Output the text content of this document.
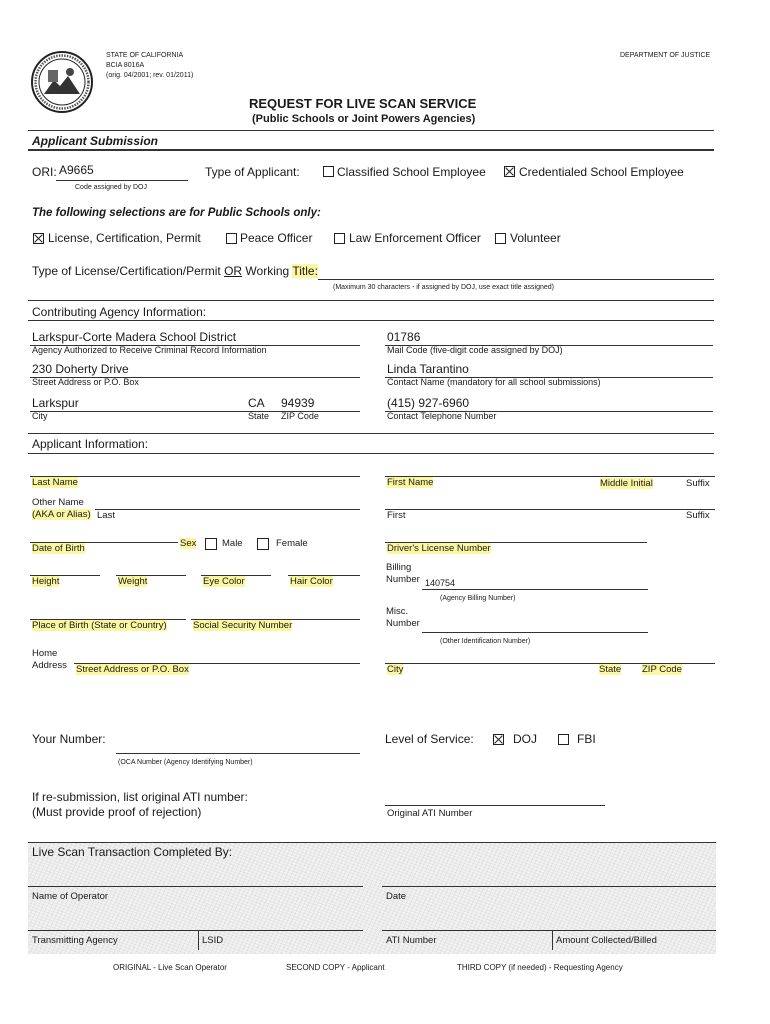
STATE OF CALIFORNIA
BCIA 8016A
(orig. 04/2001; rev. 01/2011)
DEPARTMENT OF JUSTICE
REQUEST FOR LIVE SCAN SERVICE
(Public Schools or Joint Powers Agencies)
Applicant Submission
ORI: A9665
Code assigned by DOJ
Type of Applicant:	Classified School Employee	Credentialed School Employee
The following selections are for Public Schools only:
License, Certification, Permit	Peace Officer	Law Enforcement Officer Volunteer
Type of License/Certification/Permit OR Working Title:
(Maximum 30 characters - if assigned by DOJ, use exact title assigned)
Contributing Agency Information:
Larkspur-Corte Madera School District
Agency Authorized to Receive Criminal Record Information
01786
Mail Code (five-digit code assigned by DOJ)
230 Doherty Drive
Street Address or P.O. Box
Linda Tarantino
Contact Name (mandatory for all school submissions)
Larkspur	CA 94939
City	State ZIP Code
(415) 927-6960
Contact Telephone Number
Applicant Information:
Last Name	First Name	Middle Initial	Suffix
Other Name
(AKA or Alias) Last	First	Suffix
Date of Birth	Sex	Male	Female	Driver's License Number
Height	Weight	Eye Color	Hair Color
Billing
Number 140754
(Agency Billing Number)
Place of Birth (State or Country)	Social Security Number
Misc.
Number
(Other Identification Number)
Home
Address Street Address or P.O. Box	City	State ZIP Code
Your Number:
(OCA Number (Agency Identifying Number)
Level of Service:	DOJ	FBI
If re-submission, list original ATI number:
(Must provide proof of rejection)	Original ATI Number
Live Scan Transaction Completed By:
Name of Operator	Date
Transmitting Agency	LSID	ATI Number	Amount Collected/Billed
ORIGINAL - Live Scan Operator	SECOND COPY - Applicant	THIRD COPY (if needed) - Requesting Agency
